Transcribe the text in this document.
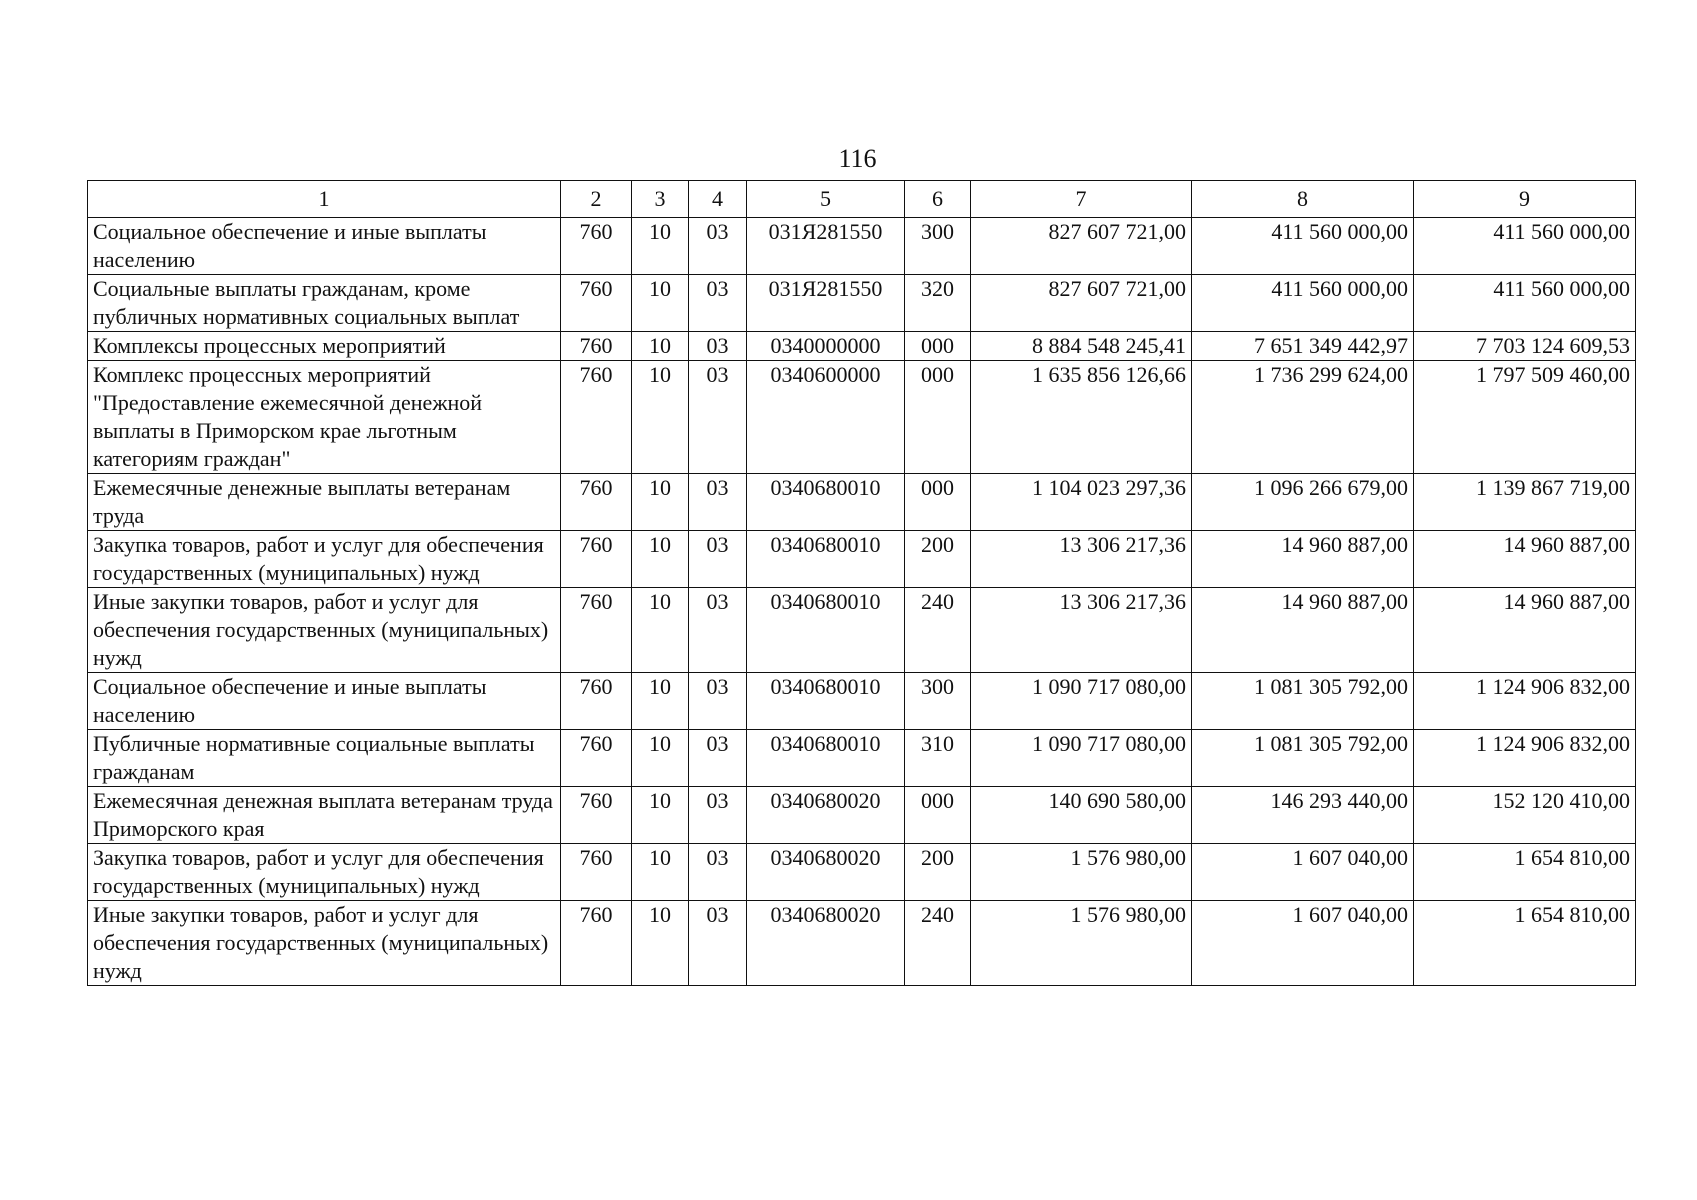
116
1	2	3	4	5	6	7	8	9
Социальное обеспечение и иные выплаты населению	760	10	03	031Я281550	300	827 607 721,00	411 560 000,00	411 560 000,00
Социальные выплаты гражданам, кроме публичных нормативных социальных выплат	760	10	03	031Я281550	320	827 607 721,00	411 560 000,00	411 560 000,00
Комплексы процессных мероприятий	760	10	03	0340000000	000	8 884 548 245,41	7 651 349 442,97	7 703 124 609,53
Комплекс процессных мероприятий "Предоставление ежемесячной денежной выплаты в Приморском крае льготным категориям граждан"	760	10	03	0340600000	000	1 635 856 126,66	1 736 299 624,00	1 797 509 460,00
Ежемесячные денежные выплаты ветеранам труда	760	10	03	0340680010	000	1 104 023 297,36	1 096 266 679,00	1 139 867 719,00
Закупка товаров, работ и услуг для обеспечения государственных (муниципальных) нужд	760	10	03	0340680010	200	13 306 217,36	14 960 887,00	14 960 887,00
Иные закупки товаров, работ и услуг для обеспечения государственных (муниципальных) нужд	760	10	03	0340680010	240	13 306 217,36	14 960 887,00	14 960 887,00
Социальное обеспечение и иные выплаты населению	760	10	03	0340680010	300	1 090 717 080,00	1 081 305 792,00	1 124 906 832,00
Публичные нормативные социальные выплаты гражданам	760	10	03	0340680010	310	1 090 717 080,00	1 081 305 792,00	1 124 906 832,00
Ежемесячная денежная выплата ветеранам труда Приморского края	760	10	03	0340680020	000	140 690 580,00	146 293 440,00	152 120 410,00
Закупка товаров, работ и услуг для обеспечения государственных (муниципальных) нужд	760	10	03	0340680020	200	1 576 980,00	1 607 040,00	1 654 810,00
Иные закупки товаров, работ и услуг для обеспечения государственных (муниципальных) нужд	760	10	03	0340680020	240	1 576 980,00	1 607 040,00	1 654 810,00
